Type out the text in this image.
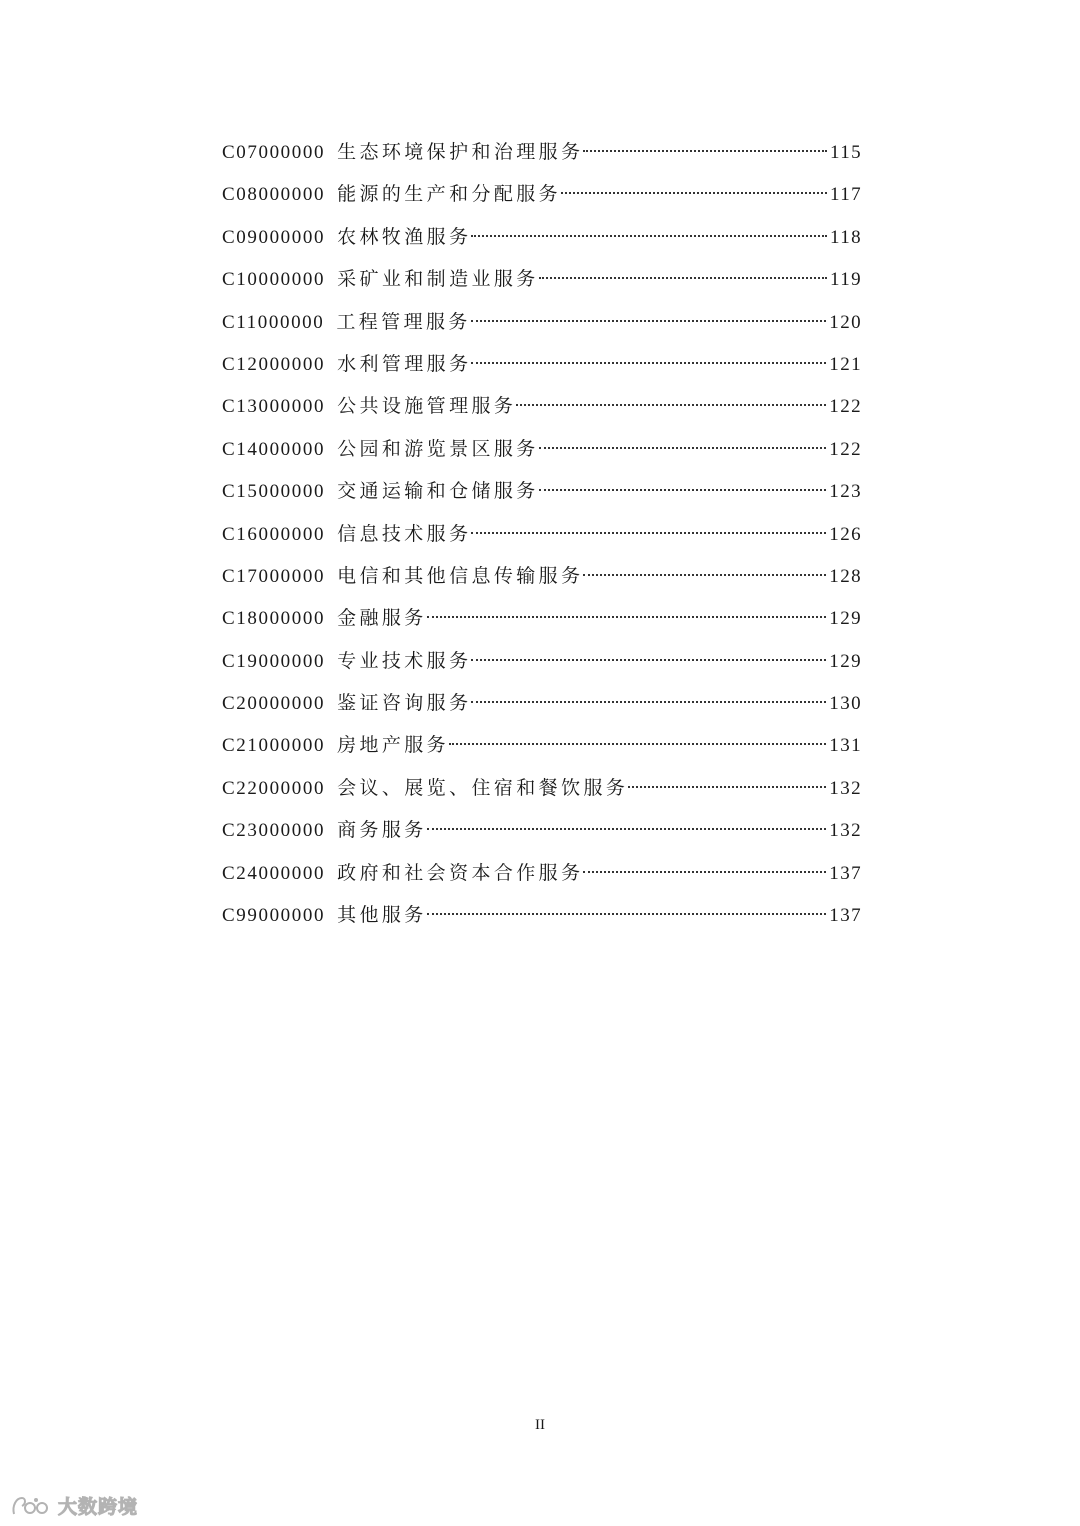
C07000000 生态环境保护和治理服务	115
C08000000 能源的生产和分配服务	117
C09000000 农林牧渔服务	118
C10000000 采矿业和制造业服务	119
C11000000 工程管理服务	120
C12000000 水利管理服务	121
C13000000 公共设施管理服务	122
C14000000 公园和游览景区服务	122
C15000000 交通运输和仓储服务	123
C16000000 信息技术服务	126
C17000000 电信和其他信息传输服务	128
C18000000 金融服务	129
C19000000 专业技术服务	129
C20000000 鉴证咨询服务	130
C21000000 房地产服务	131
C22000000 会议、展览、住宿和餐饮服务	132
C23000000 商务服务	132
C24000000 政府和社会资本合作服务	137
C99000000 其他服务	137
II
大数跨境
